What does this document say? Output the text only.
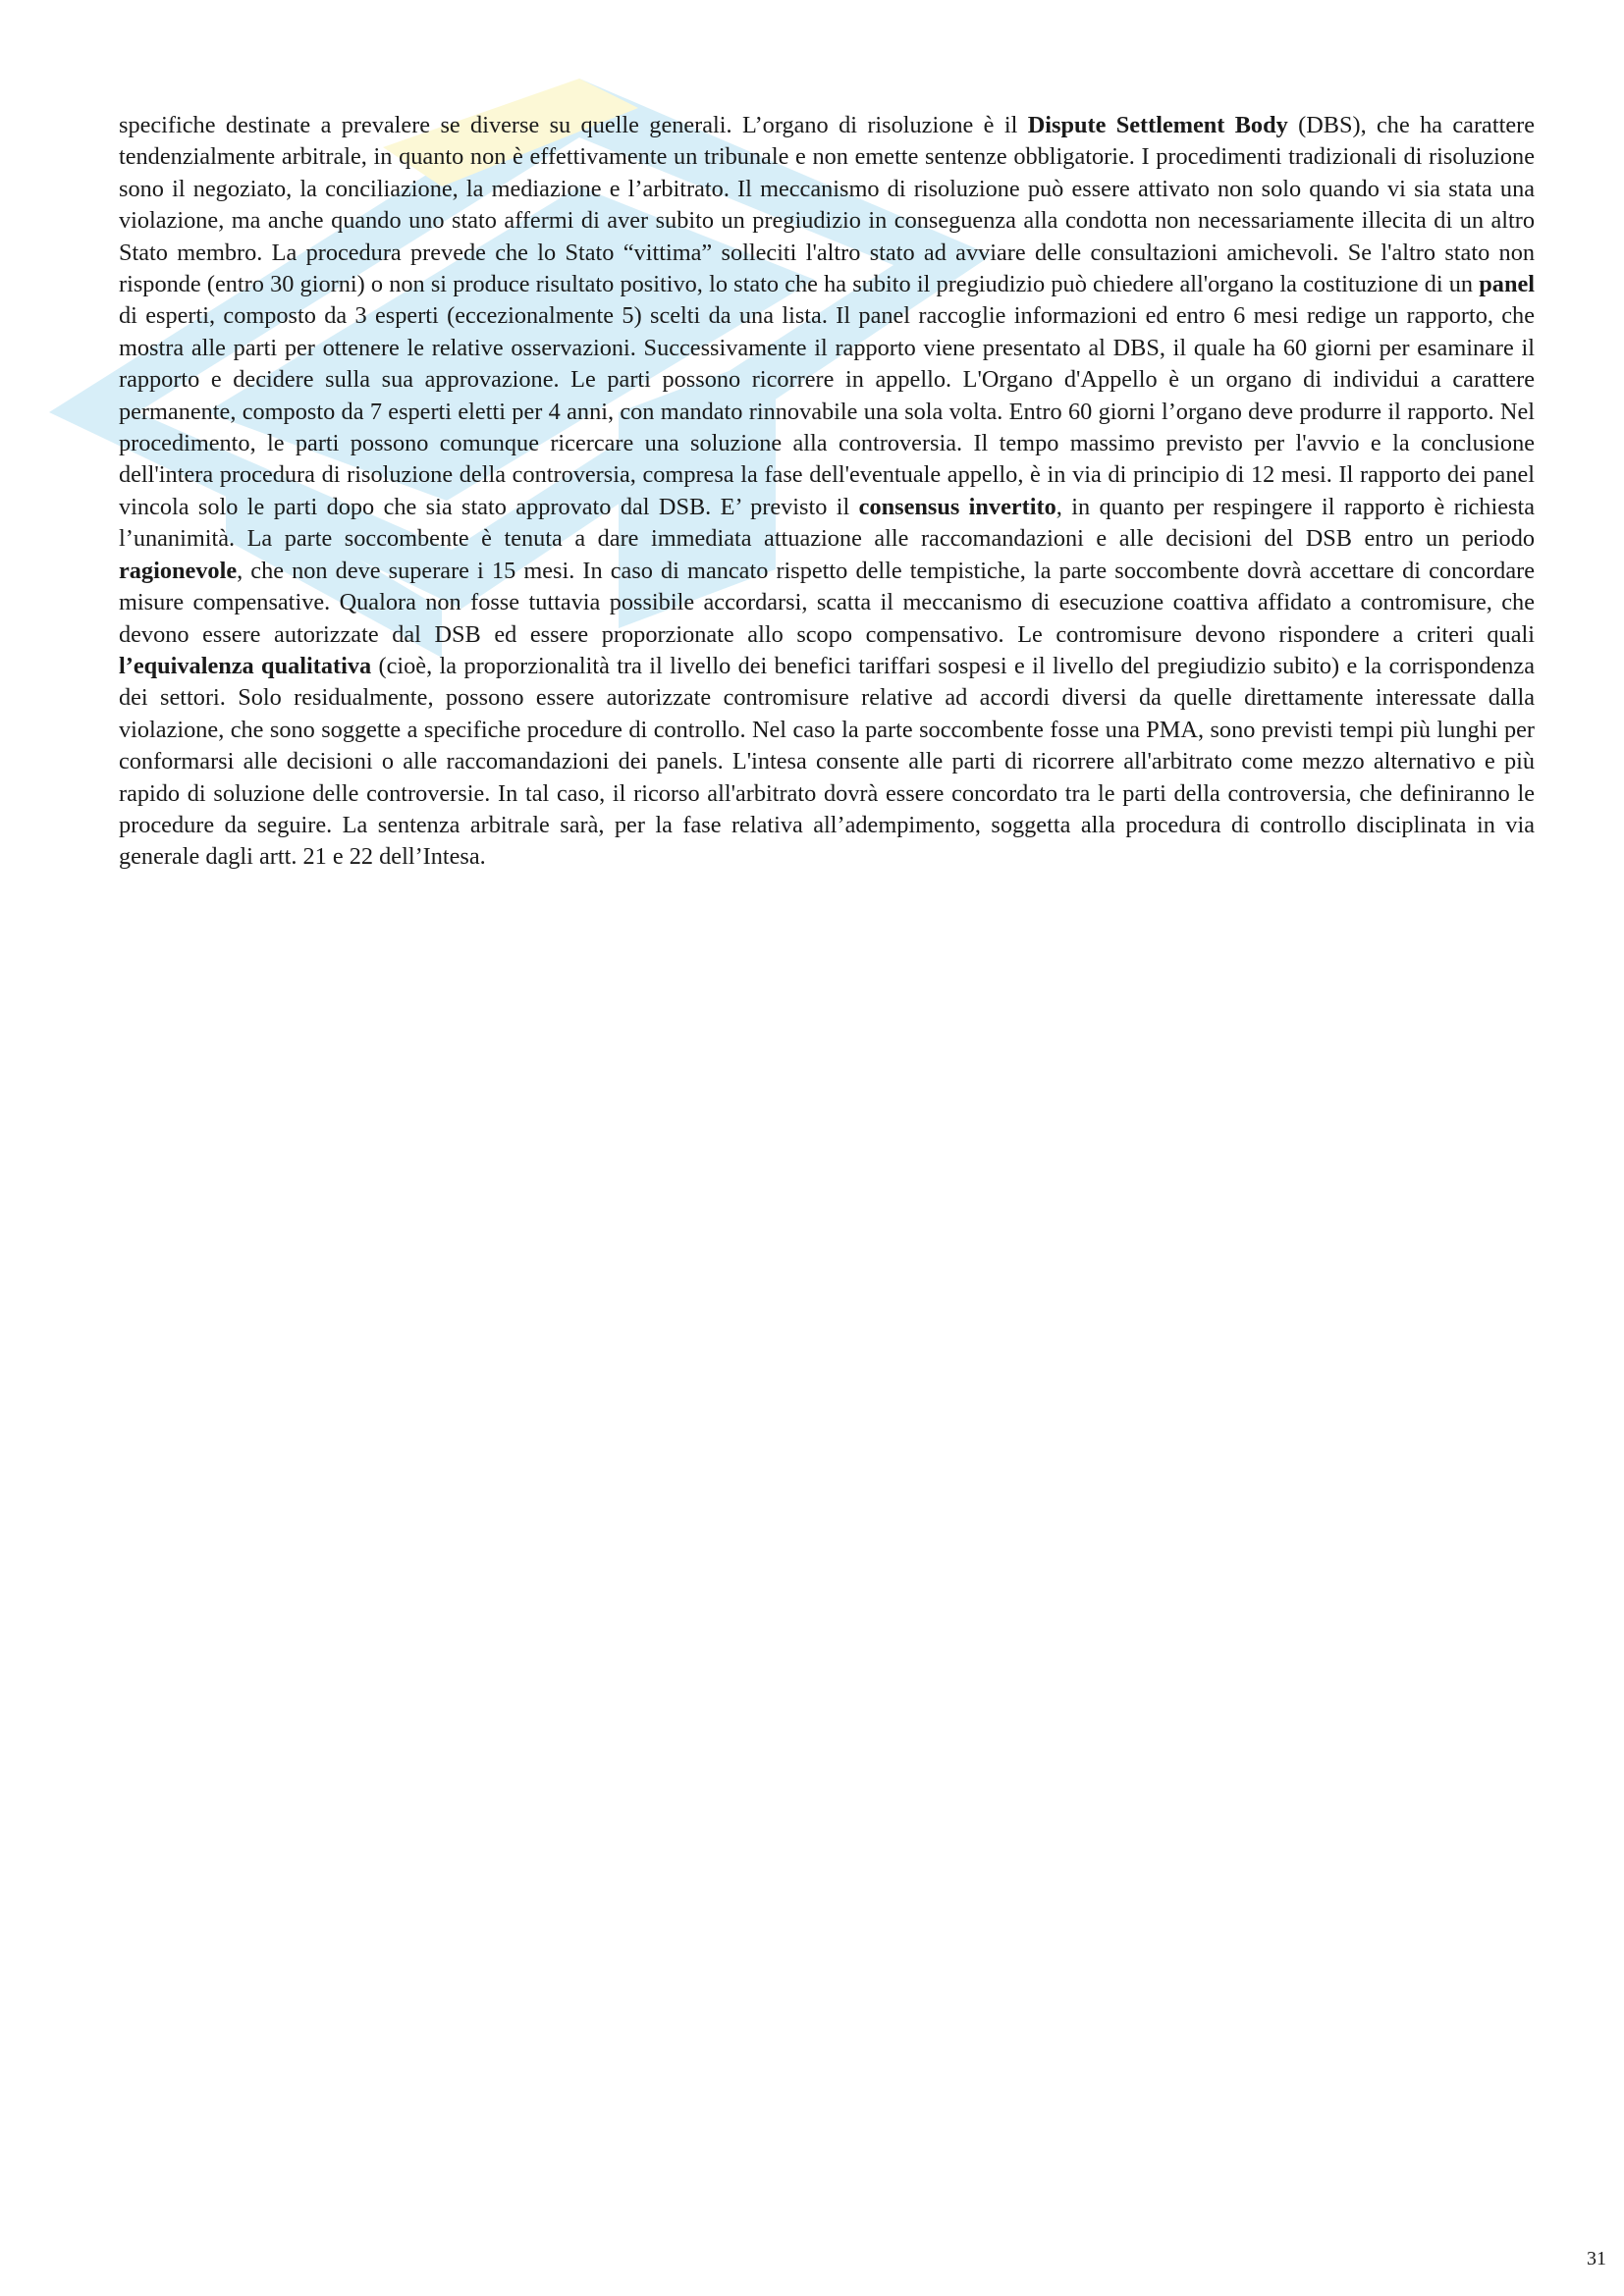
specifiche destinate a prevalere se diverse su quelle generali. L’organo di risoluzione è il Dispute Settlement Body (DBS), che ha carattere tendenzialmente arbitrale, in quanto non è effettivamente un tribunale e non emette sentenze obbligatorie. I procedimenti tradizionali di risoluzione sono il negoziato, la conciliazione, la mediazione e l’arbitrato. Il meccanismo di risoluzione può essere attivato non solo quando vi sia stata una violazione, ma anche quando uno stato affermi di aver subito un pregiudizio in conseguenza alla condotta non necessariamente illecita di un altro Stato membro. La procedura prevede che lo Stato “vittima” solleciti l'altro stato ad avviare delle consultazioni amichevoli. Se l'altro stato non risponde (entro 30 giorni) o non si produce risultato positivo, lo stato che ha subito il pregiudizio può chiedere all'organo la costituzione di un panel di esperti, composto da 3 esperti (eccezionalmente 5) scelti da una lista. Il panel raccoglie informazioni ed entro 6 mesi redige un rapporto, che mostra alle parti per ottenere le relative osservazioni. Successivamente il rapporto viene presentato al DBS, il quale ha 60 giorni per esaminare il rapporto e decidere sulla sua approvazione. Le parti possono ricorrere in appello. L'Organo d'Appello è un organo di individui a carattere permanente, composto da 7 esperti eletti per 4 anni, con mandato rinnovabile una sola volta. Entro 60 giorni l’organo deve produrre il rapporto. Nel procedimento, le parti possono comunque ricercare una soluzione alla controversia. Il tempo massimo previsto per l'avvio e la conclusione dell'intera procedura di risoluzione della controversia, compresa la fase dell'eventuale appello, è in via di principio di 12 mesi. Il rapporto dei panel vincola solo le parti dopo che sia stato approvato dal DSB. E’ previsto il consensus invertito, in quanto per respingere il rapporto è richiesta l’unanimità. La parte soccombente è tenuta a dare immediata attuazione alle raccomandazioni e alle decisioni del DSB entro un periodo ragionevole, che non deve superare i 15 mesi. In caso di mancato rispetto delle tempistiche, la parte soccombente dovrà accettare di concordare misure compensative. Qualora non fosse tuttavia possibile accordarsi, scatta il meccanismo di esecuzione coattiva affidato a contromisure, che devono essere autorizzate dal DSB ed essere proporzionate allo scopo compensativo. Le contromisure devono rispondere a criteri quali l’equivalenza qualitativa (cioè, la proporzionalità tra il livello dei benefici tariffari sospesi e il livello del pregiudizio subito) e la corrispondenza dei settori. Solo residualmente, possono essere autorizzate contromisure relative ad accordi diversi da quelle direttamente interessate dalla violazione, che sono soggette a specifiche procedure di controllo. Nel caso la parte soccombente fosse una PMA, sono previsti tempi più lunghi per conformarsi alle decisioni o alle raccomandazioni dei panels. L'intesa consente alle parti di ricorrere all'arbitrato come mezzo alternativo e più rapido di soluzione delle controversie. In tal caso, il ricorso all'arbitrato dovrà essere concordato tra le parti della controversia, che definiranno le procedure da seguire. La sentenza arbitrale sarà, per la fase relativa all’adempimento, soggetta alla procedura di controllo disciplinata in via generale dagli artt. 21 e 22 dell’Intesa.

31
